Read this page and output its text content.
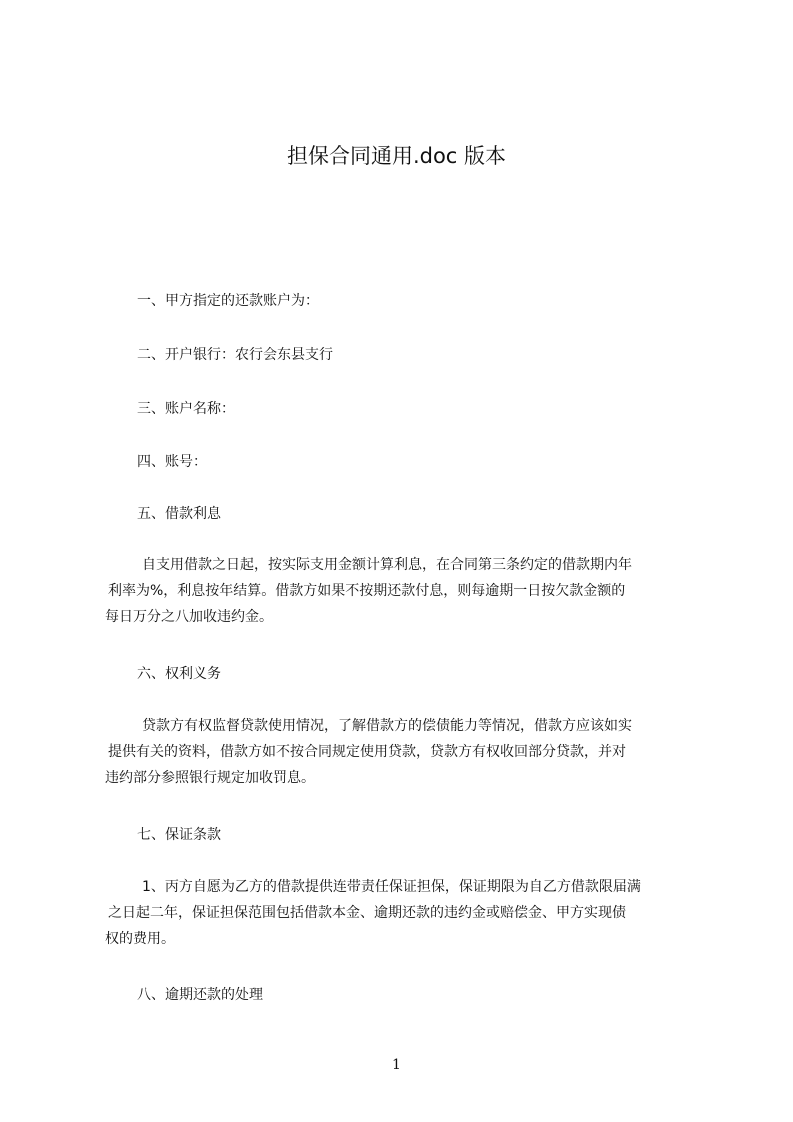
担保合同通用.doc 版本
一、甲方指定的还款账户为：
二、开户银行：农行会东县支行
三、账户名称：
四、账号：
五、借款利息
自支用借款之日起，按实际支用金额计算利息，在合同第三条约定的借款期内年
利率为%，利息按年结算。借款方如果不按期还款付息，则每逾期一日按欠款金额的
每日万分之八加收违约金。
六、权利义务
贷款方有权监督贷款使用情况，了解借款方的偿债能力等情况，借款方应该如实
提供有关的资料，借款方如不按合同规定使用贷款，贷款方有权收回部分贷款，并对
违约部分参照银行规定加收罚息。
七、保证条款
1、丙方自愿为乙方的借款提供连带责任保证担保，保证期限为自乙方借款限届满
之日起二年，保证担保范围包括借款本金、逾期还款的违约金或赔偿金、甲方实现债
权的费用。
八、逾期还款的处理
1
